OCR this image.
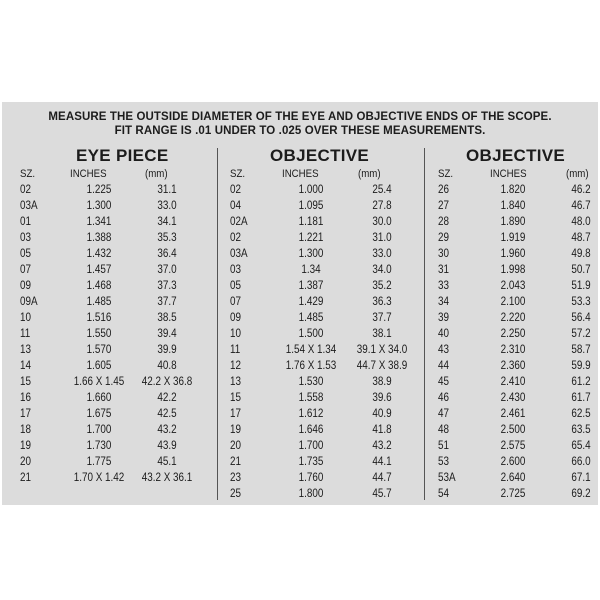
MEASURE THE OUTSIDE DIAMETER OF THE EYE AND OBJECTIVE ENDS OF THE SCOPE.
FIT RANGE IS .01 UNDER TO .025 OVER THESE MEASUREMENTS.
EYE PIECE
SZ.	INCHES	(mm)
02	1.225	31.1
03A	1.300	33.0
01	1.341	34.1
03	1.388	35.3
05	1.432	36.4
07	1.457	37.0
09	1.468	37.3
09A	1.485	37.7
10	1.516	38.5
11	1.550	39.4
13	1.570	39.9
14	1.605	40.8
15	1.66 X 1.45	42.2 X 36.8
16	1.660	42.2
17	1.675	42.5
18	1.700	43.2
19	1.730	43.9
20	1.775	45.1
21	1.70 X 1.42	43.2 X 36.1
OBJECTIVE
SZ.	INCHES	(mm)
02	1.000	25.4
04	1.095	27.8
02A	1.181	30.0
02	1.221	31.0
03A	1.300	33.0
03	1.34	34.0
05	1.387	35.2
07	1.429	36.3
09	1.485	37.7
10	1.500	38.1
11	1.54 X 1.34	39.1 X 34.0
12	1.76 X 1.53	44.7 X 38.9
13	1.530	38.9
15	1.558	39.6
17	1.612	40.9
19	1.646	41.8
20	1.700	43.2
21	1.735	44.1
23	1.760	44.7
25	1.800	45.7
OBJECTIVE
SZ.	INCHES	(mm)
26	1.820	46.2
27	1.840	46.7
28	1.890	48.0
29	1.919	48.7
30	1.960	49.8
31	1.998	50.7
33	2.043	51.9
34	2.100	53.3
39	2.220	56.4
40	2.250	57.2
43	2.310	58.7
44	2.360	59.9
45	2.410	61.2
46	2.430	61.7
47	2.461	62.5
48	2.500	63.5
51	2.575	65.4
53	2.600	66.0
53A	2.640	67.1
54	2.725	69.2
